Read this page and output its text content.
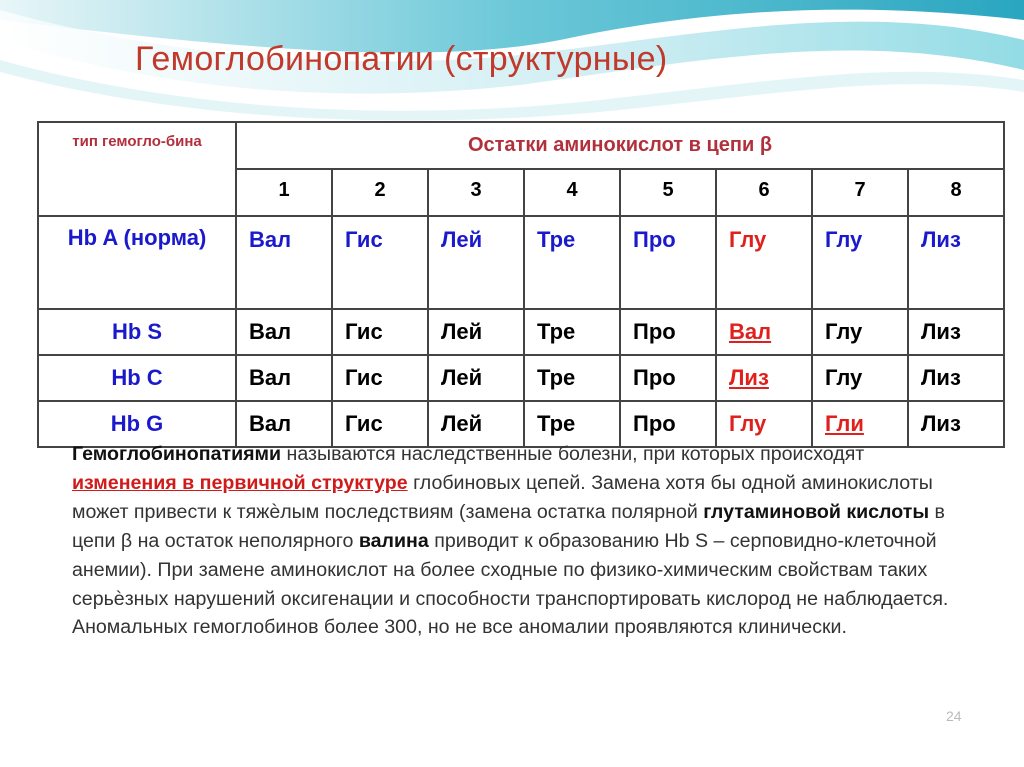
Гемоглобинопатии (структурные)
тип гемогло-бина	Остатки аминокислот в цепи β							
	1	2	3	4	5	6	7	8
Hb A (норма)	Вал	Гис	Лей	Тре	Про	Глу	Глу	Лиз
Hb S	Вал	Гис	Лей	Тре	Про	Вал	Глу	Лиз
Hb C	Вал	Гис	Лей	Тре	Про	Лиз	Глу	Лиз
Hb G	Вал	Гис	Лей	Тре	Про	Глу	Гли	Лиз
Гемоглобинопатиями называются наследственные болезни, при которых происходят изменения в первичной структуре глобиновых цепей. Замена хотя бы одной аминокислоты может привести к тяжѐлым последствиям (замена остатка полярной глутаминовой кислоты в цепи β на остаток неполярного валина приводит к образованию Hb S – серповидно-клеточной анемии). При замене аминокислот на более сходные по физико-химическим свойствам таких серьѐзных нарушений оксигенации и способности транспортировать кислород не наблюдается. Аномальных гемоглобинов более 300, но не все аномалии проявляются клинически.
24
